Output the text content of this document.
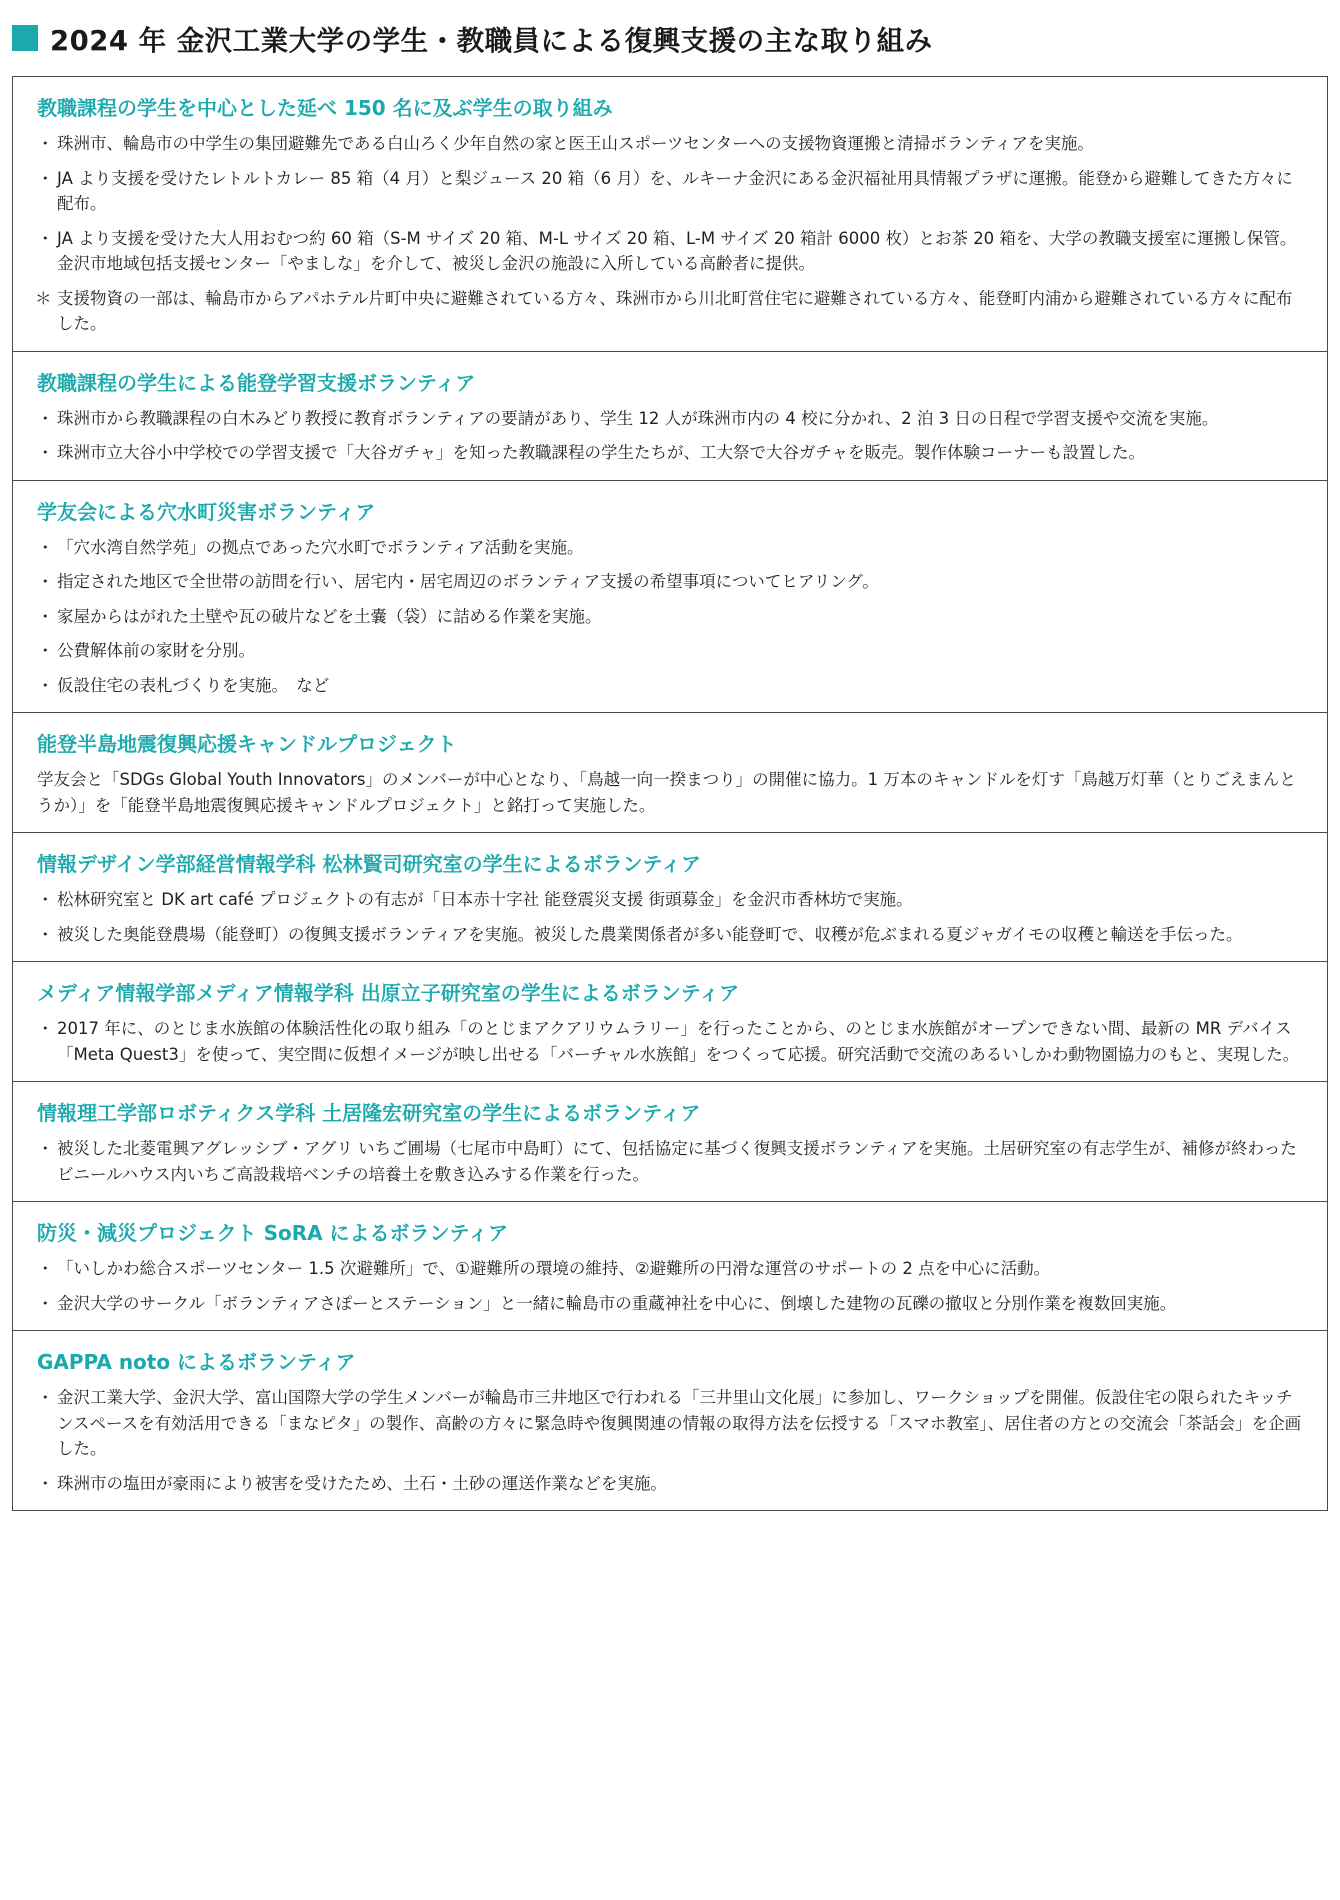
2024 年 金沢工業大学の学生・教職員による復興支援の主な取り組み
教職課程の学生を中心とした延べ 150 名に及ぶ学生の取り組み
・ 珠洲市、輪島市の中学生の集団避難先である白山ろく少年自然の家と医王山スポーツセンターへの支援物資運搬と清掃ボランティアを実施。
・ JA より支援を受けたレトルトカレー 85 箱（4 月）と梨ジュース 20 箱（6 月）を、ルキーナ金沢にある金沢福祉用具情報プラザに運搬。能登から避難してきた方々に配布。
・ JA より支援を受けた大人用おむつ約 60 箱（S-M サイズ 20 箱、M-L サイズ 20 箱、L-M サイズ 20 箱計 6000 枚）とお茶 20 箱を、大学の教職支援室に運搬し保管。金沢市地域包括支援センター「やましな」を介して、被災し金沢の施設に入所している高齢者に提供。
＊ 支援物資の一部は、輪島市からアパホテル片町中央に避難されている方々、珠洲市から川北町営住宅に避難されている方々、能登町内浦から避難されている方々に配布した。
教職課程の学生による能登学習支援ボランティア
・ 珠洲市から教職課程の白木みどり教授に教育ボランティアの要請があり、学生 12 人が珠洲市内の 4 校に分かれ、2 泊 3 日の日程で学習支援や交流を実施。
・ 珠洲市立大谷小中学校での学習支援で「大谷ガチャ」を知った教職課程の学生たちが、工大祭で大谷ガチャを販売。製作体験コーナーも設置した。
学友会による穴水町災害ボランティア
・ 「穴水湾自然学苑」の拠点であった穴水町でボランティア活動を実施。
・ 指定された地区で全世帯の訪問を行い、居宅内・居宅周辺のボランティア支援の希望事項についてヒアリング。
・ 家屋からはがれた土壁や瓦の破片などを土嚢（袋）に詰める作業を実施。
・ 公費解体前の家財を分別。
・ 仮設住宅の表札づくりを実施。　など
能登半島地震復興応援キャンドルプロジェクト
学友会と「SDGs Global Youth Innovators」のメンバーが中心となり、「鳥越一向一揆まつり」の開催に協力。1 万本のキャンドルを灯す「鳥越万灯華（とりごえまんとうか）」を「能登半島地震復興応援キャンドルプロジェクト」と銘打って実施した。
情報デザイン学部経営情報学科 松林賢司研究室の学生によるボランティア
・ 松林研究室と DK art café プロジェクトの有志が「日本赤十字社 能登震災支援 街頭募金」を金沢市香林坊で実施。
・ 被災した奥能登農場（能登町）の復興支援ボランティアを実施。被災した農業関係者が多い能登町で、収穫が危ぶまれる夏ジャガイモの収穫と輸送を手伝った。
メディア情報学部メディア情報学科 出原立子研究室の学生によるボランティア
・ 2017 年に、のとじま水族館の体験活性化の取り組み「のとじまアクアリウムラリー」を行ったことから、のとじま水族館がオープンできない間、最新の MR デバイス「Meta Quest3」を使って、実空間に仮想イメージが映し出せる「バーチャル水族館」をつくって応援。研究活動で交流のあるいしかわ動物園協力のもと、実現した。
情報理工学部ロボティクス学科 土居隆宏研究室の学生によるボランティア
・ 被災した北菱電興アグレッシブ・アグリ いちご圃場（七尾市中島町）にて、包括協定に基づく復興支援ボランティアを実施。土居研究室の有志学生が、補修が終わったビニールハウス内いちご高設栽培ベンチの培養土を敷き込みする作業を行った。
防災・減災プロジェクト SoRA によるボランティア
・ 「いしかわ総合スポーツセンター 1.5 次避難所」で、①避難所の環境の維持、②避難所の円滑な運営のサポートの 2 点を中心に活動。
・ 金沢大学のサークル「ボランティアさぽーとステーション」と一緒に輪島市の重蔵神社を中心に、倒壊した建物の瓦礫の撤収と分別作業を複数回実施。
GAPPA noto によるボランティア
・ 金沢工業大学、金沢大学、富山国際大学の学生メンバーが輪島市三井地区で行われる「三井里山文化展」に参加し、ワークショップを開催。仮設住宅の限られたキッチンスペースを有効活用できる「まなピタ」の製作、高齢の方々に緊急時や復興関連の情報の取得方法を伝授する「スマホ教室」、居住者の方との交流会「茶話会」を企画した。
・ 珠洲市の塩田が豪雨により被害を受けたため、土石・土砂の運送作業などを実施。
